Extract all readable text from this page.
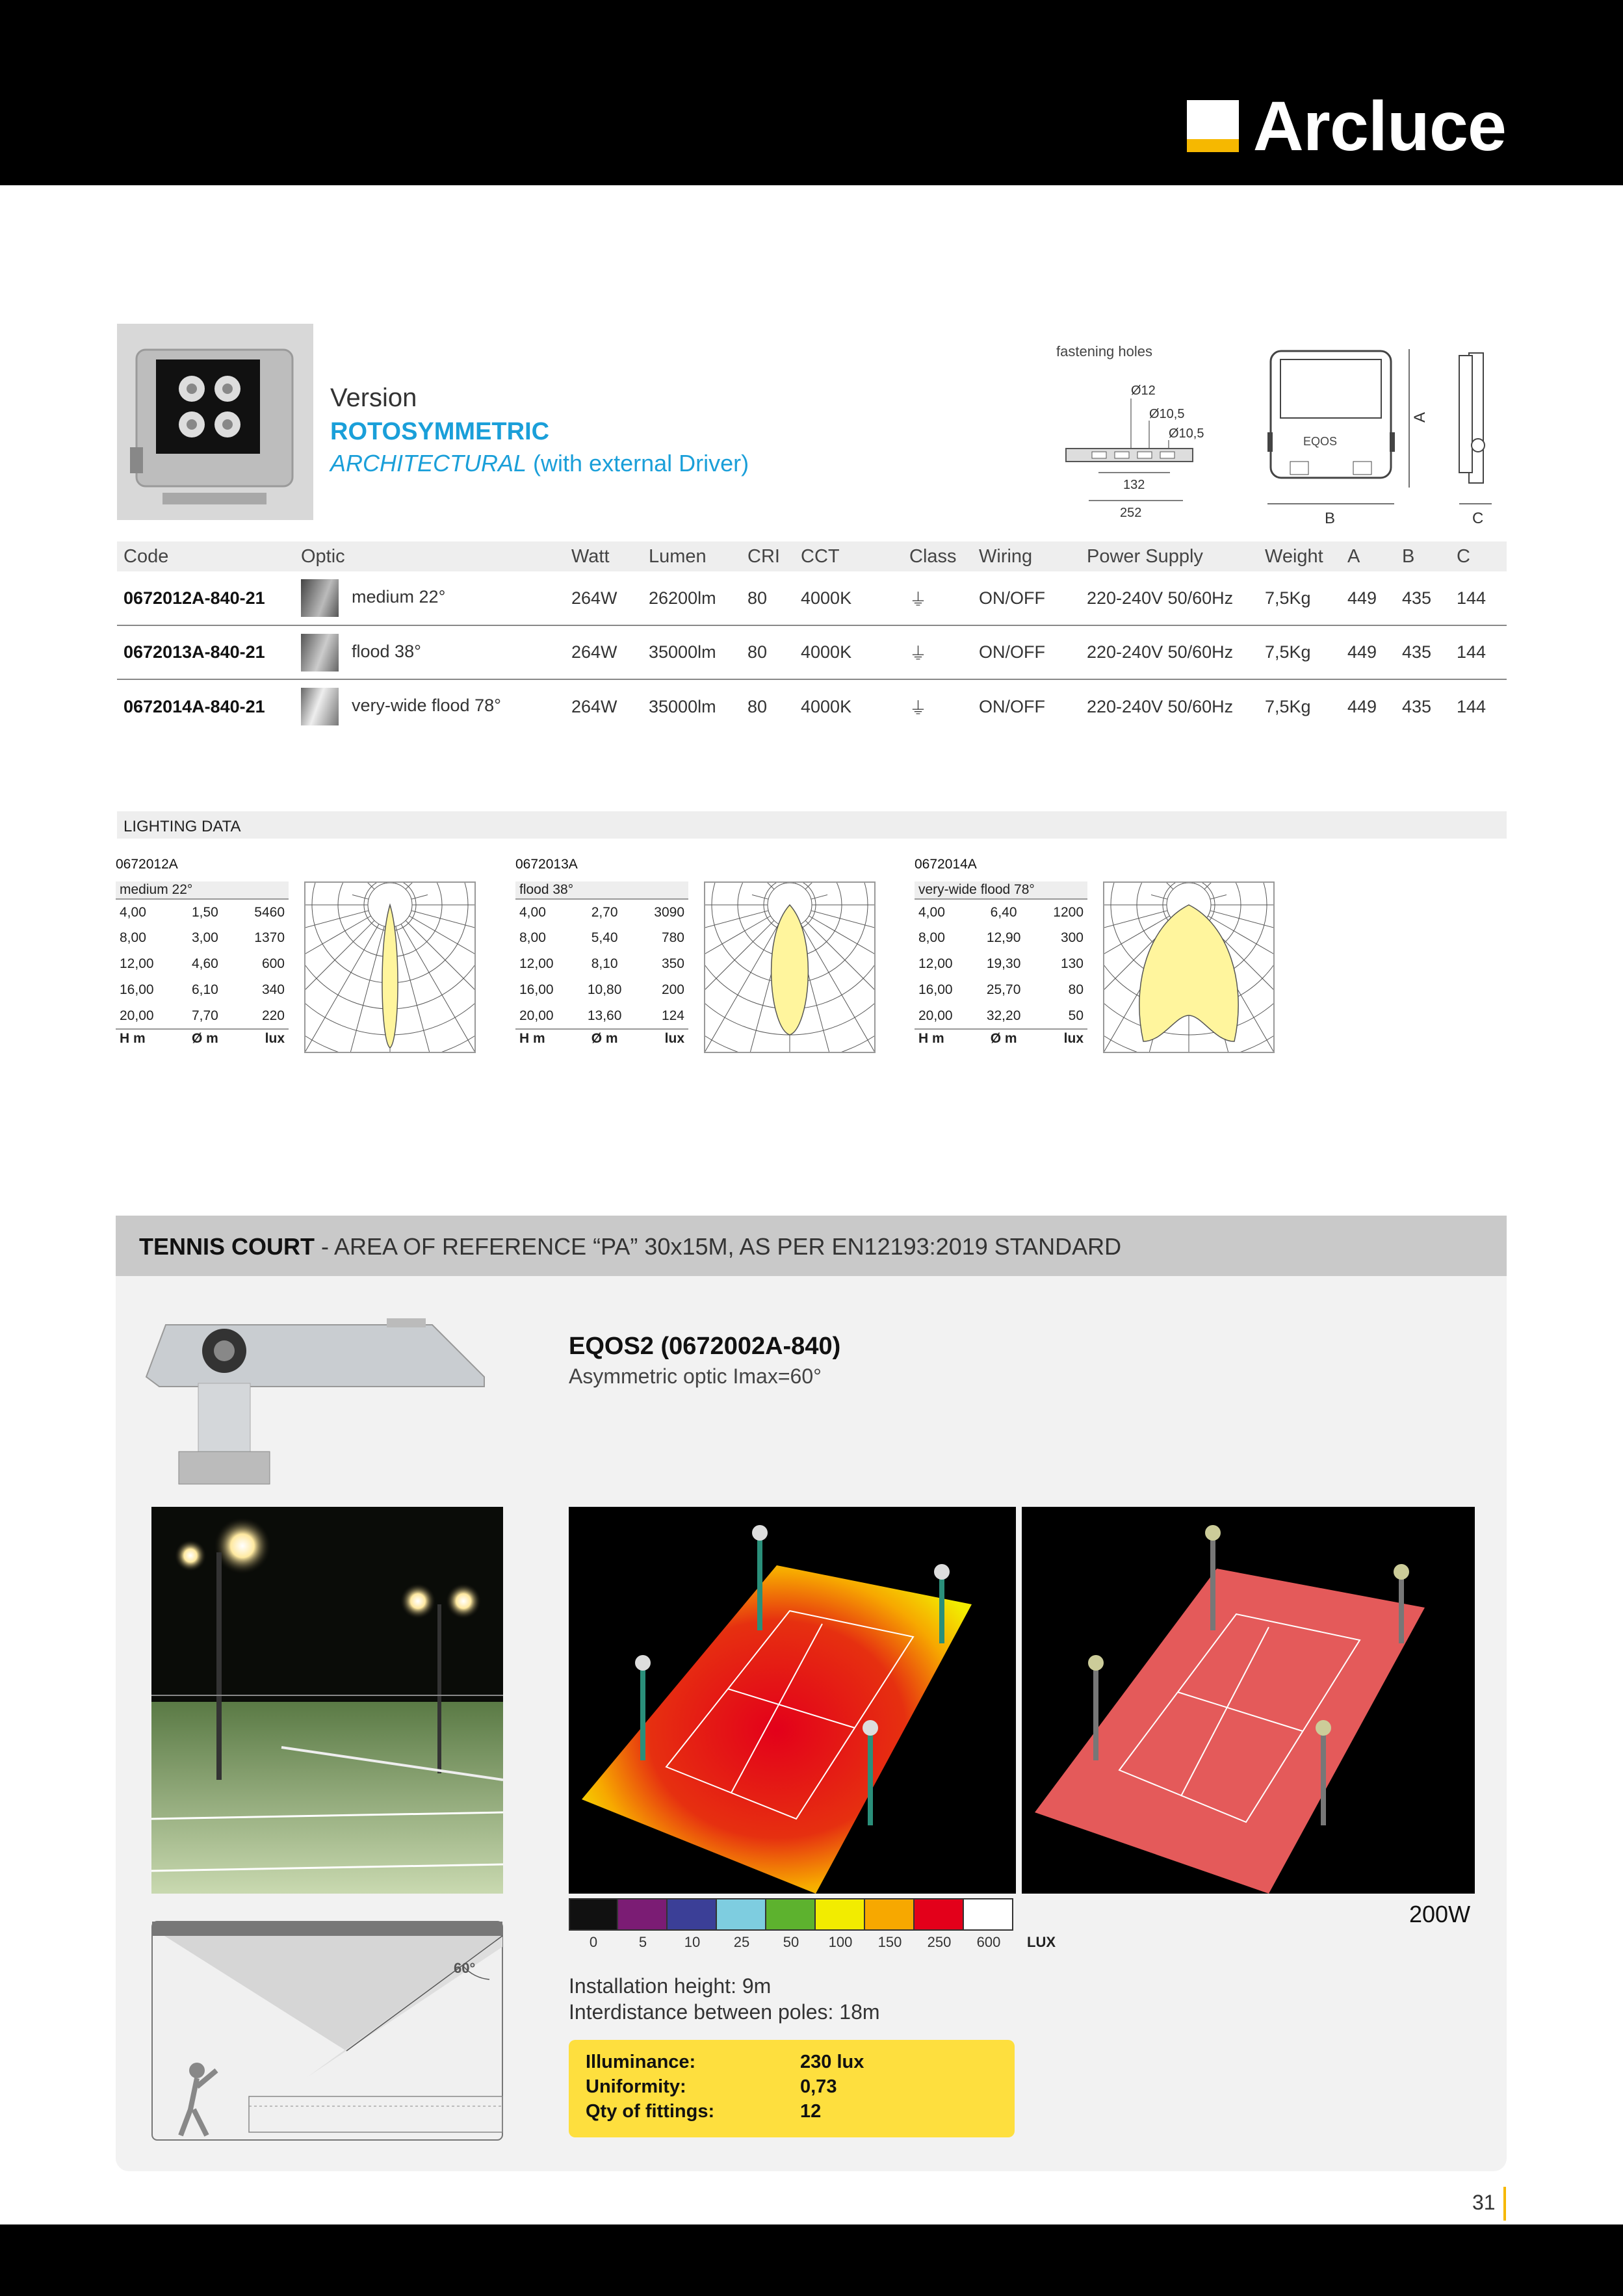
Arcluce
Version
ROTOSYMMETRIC
ARCHITECTURAL (with external Driver)
fastening holes
Ø12
Ø10,5
Ø10,5
132
252
EQOS
A
B	C
Code	Optic	Watt	Lumen	CRI	CCT	Class	Wiring	Power Supply	Weight	A	B	C
0672012A-840-21	medium 22°	264W	26200lm	80	4000K	⏚	ON/OFF	220-240V 50/60Hz	7,5Kg	449	435	144
0672013A-840-21	flood 38°	264W	35000lm	80	4000K	⏚	ON/OFF	220-240V 50/60Hz	7,5Kg	449	435	144
0672014A-840-21	very-wide flood 78°	264W	35000lm	80	4000K	⏚	ON/OFF	220-240V 50/60Hz	7,5Kg	449	435	144
LIGHTING DATA
0672012A
medium 22°		
4,00	1,50	5460
8,00	3,00	1370
12,00	4,60	600
16,00	6,10	340
20,00	7,70	220
H m	Ø m	lux
0672013A
flood 38°		
4,00	2,70	3090
8,00	5,40	780
12,00	8,10	350
16,00	10,80	200
20,00	13,60	124
H m	Ø m	lux
0672014A
very-wide flood 78°		
4,00	6,40	1200
8,00	12,90	300
12,00	19,30	130
16,00	25,70	80
20,00	32,20	50
H m	Ø m	lux
TENNIS COURT - AREA OF REFERENCE “PA” 30x15M, AS PER EN12193:2019 STANDARD
60°
EQOS2 (0672002A-840)
Asymmetric optic Imax=60°
0	5	10	25	50	100	150	250	600	LUX
200W
Installation height: 9m
Interdistance between poles: 18m
Illuminance:	230 lux
Uniformity:	0,73
Qty of fittings:	12
31
